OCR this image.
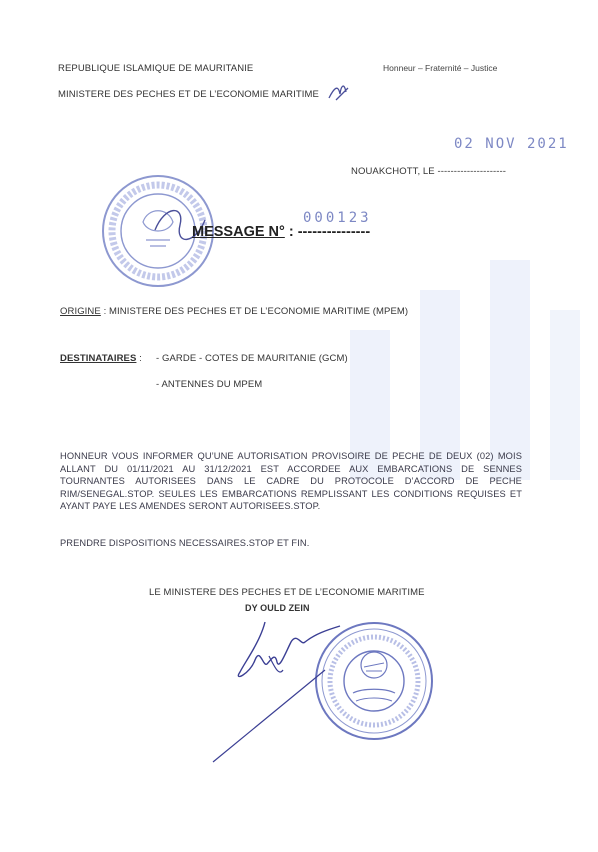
REPUBLIQUE ISLAMIQUE DE MAURITANIE	Honneur – Fraternité – Justice
MINISTERE DES PECHES ET DE L’ECONOMIE MARITIME
02 NOV 2021
NOUAKCHOTT, LE ---------------------
000123
MESSAGE N° : ---------------
ORIGINE : MINISTERE DES PECHES ET DE L’ECONOMIE MARITIME (MPEM)
DESTINATAIRES : - GARDE - COTES DE MAURITANIE (GCM)
- ANTENNES DU MPEM
HONNEUR VOUS INFORMER QU’UNE AUTORISATION PROVISOIRE DE PECHE DE DEUX (02) MOIS ALLANT DU 01/11/2021 AU 31/12/2021 EST ACCORDEE AUX EMBARCATIONS DE SENNES TOURNANTES AUTORISEES DANS LE CADRE DU PROTOCOLE D’ACCORD DE PECHE RIM/SENEGAL.STOP. SEULES LES EMBARCATIONS REMPLISSANT LES CONDITIONS REQUISES ET AYANT PAYE LES AMENDES SERONT AUTORISEES.STOP.
PRENDRE DISPOSITIONS NECESSAIRES.STOP ET FIN.
LE MINISTERE DES PECHES ET DE L’ECONOMIE MARITIME
DY OULD ZEIN
